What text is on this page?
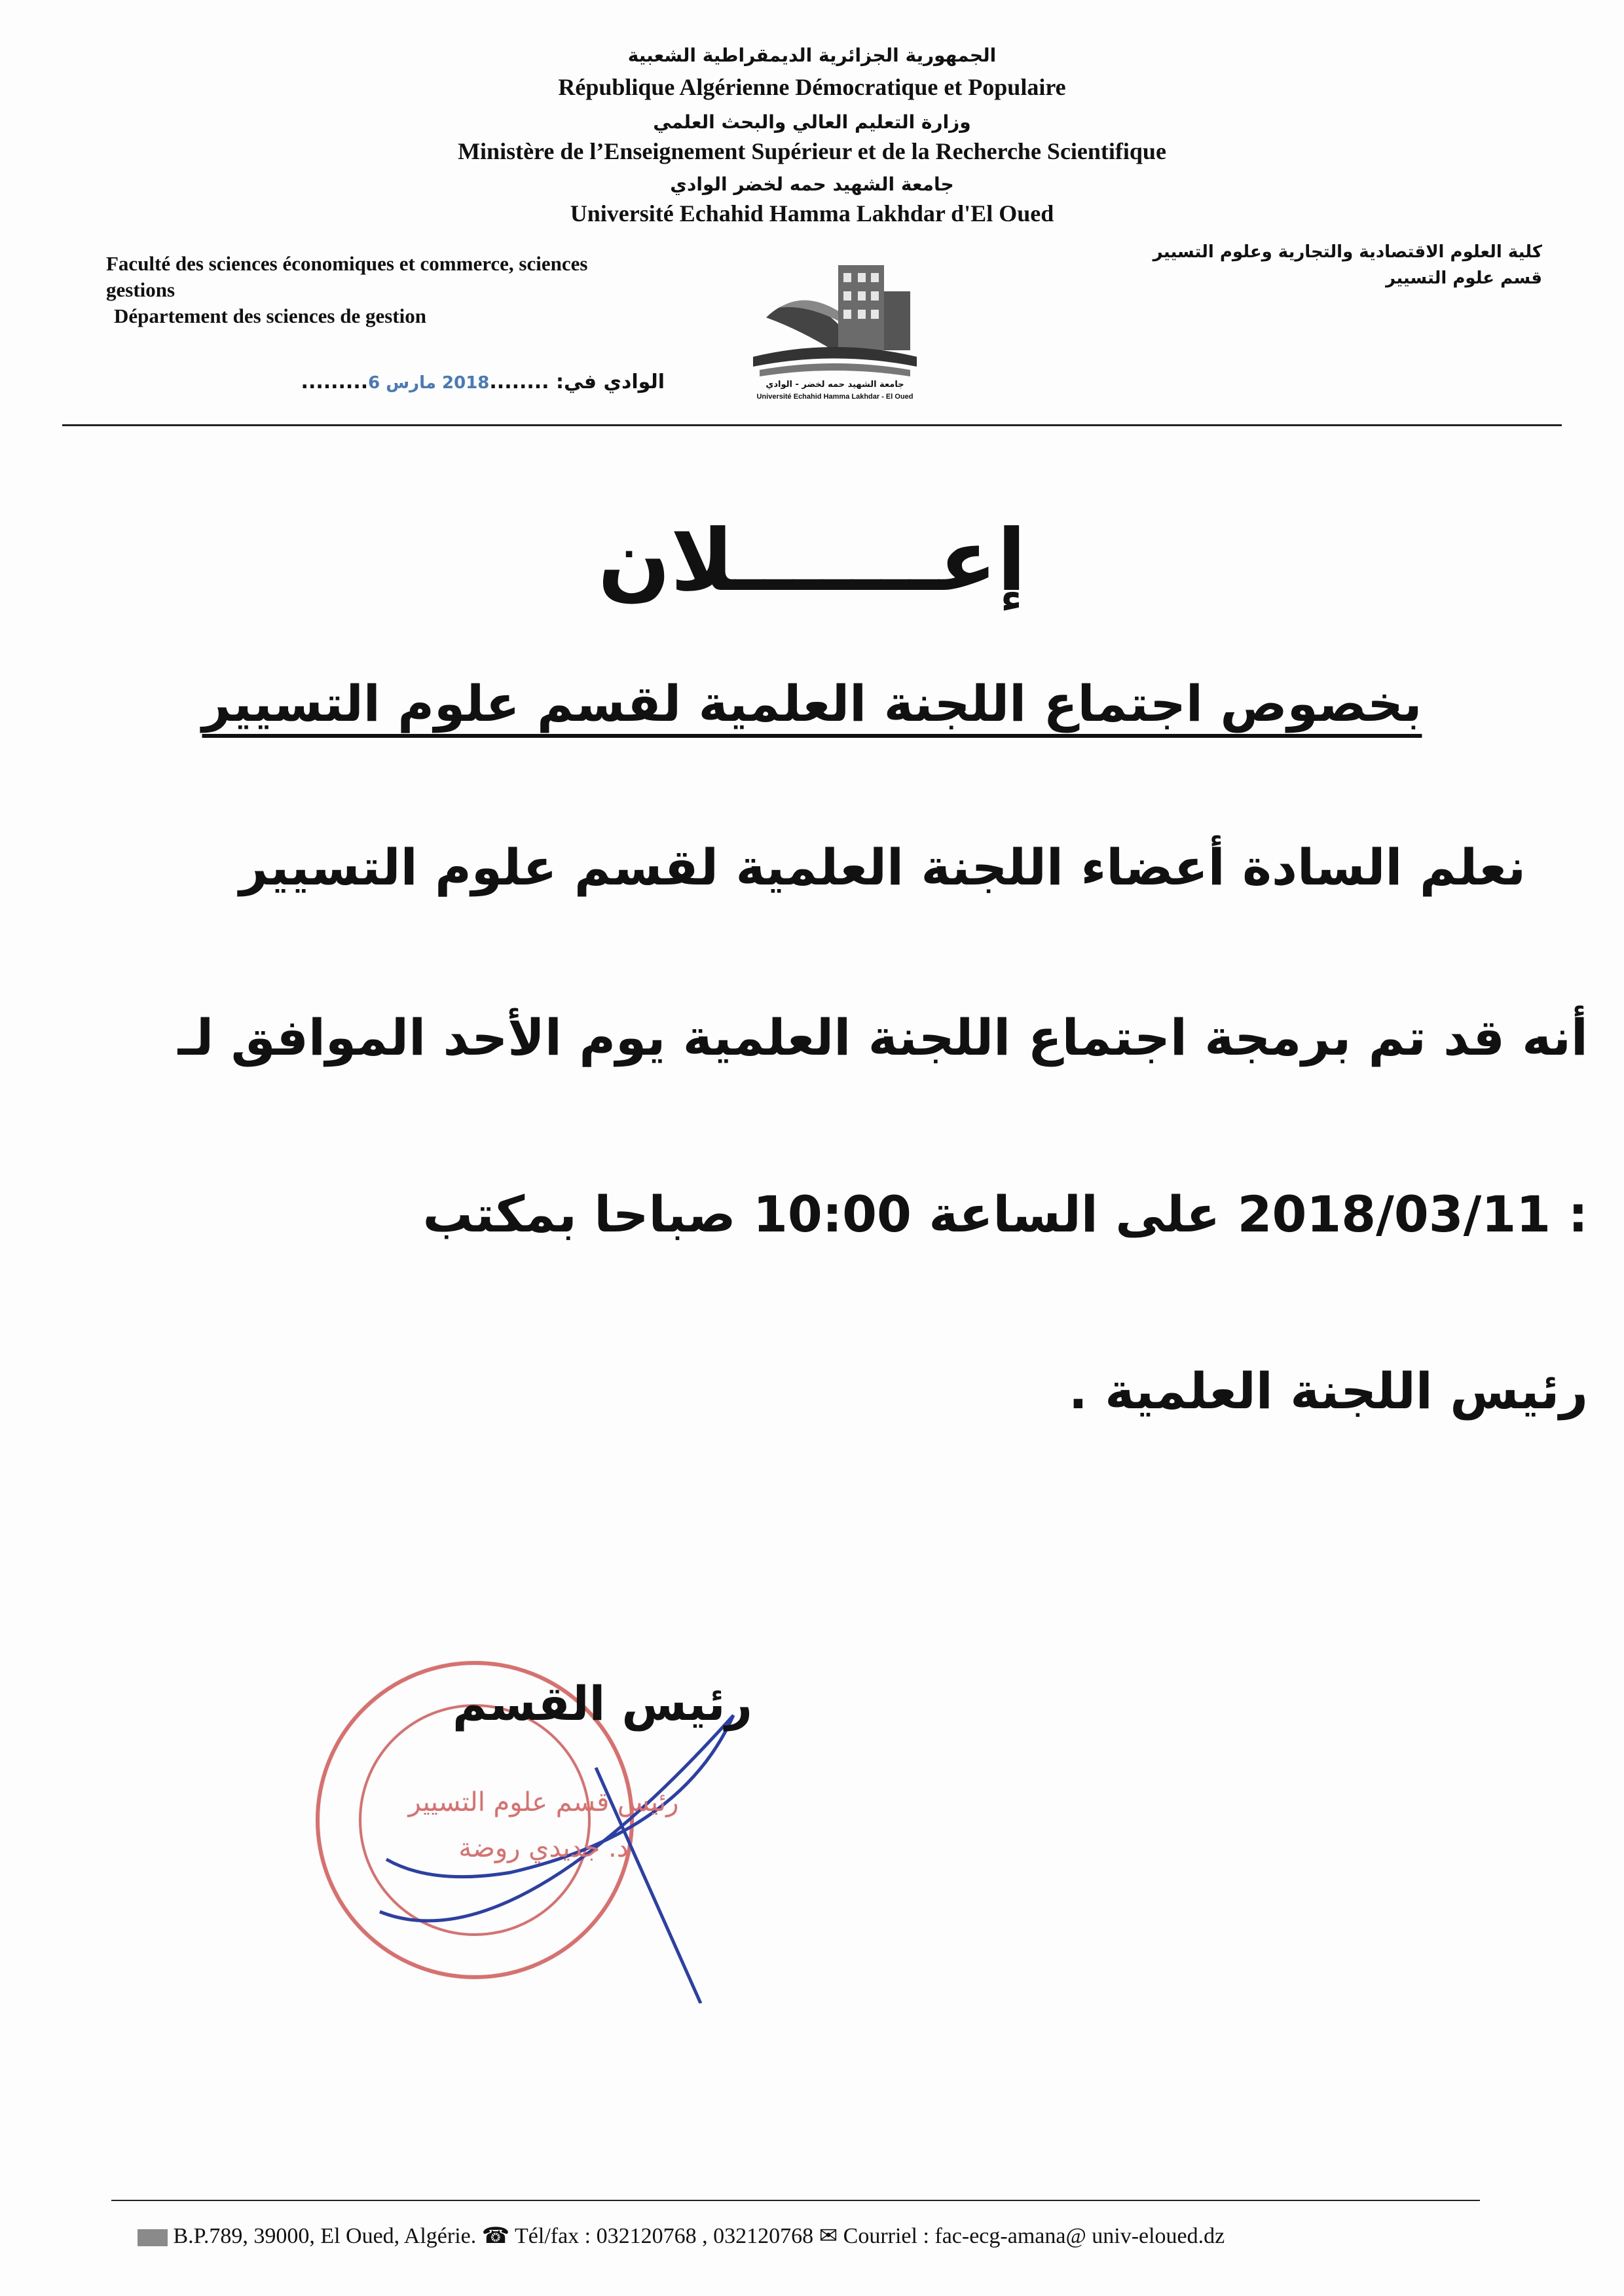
الجمهورية الجزائرية الديمقراطية الشعبية
République Algérienne Démocratique et Populaire
وزارة التعليم العالي والبحث العلمي
Ministère de l’Enseignement Supérieur et de la Recherche Scientifique
جامعة الشهيد حمه لخضر الوادي
Université Echahid Hamma Lakhdar d'El Oued
Faculté des sciences économiques et commerce, sciences
gestions
Département des sciences de gestion
كلية العلوم الاقتصادية والتجارية وعلوم التسيير
قسم علوم التسيير
جامعة الشهيد حمه لخضر - الوادي
Université Echahid Hamma Lakhdar - El Oued
الوادي في: ........2018 مارس 6.........
إعـــــــلان
بخصوص اجتماع اللجنة العلمية لقسم علوم التسيير
نعلم السادة أعضاء اللجنة العلمية لقسم علوم التسيير
أنه قد تم برمجة اجتماع اللجنة العلمية يوم الأحد الموافق لـ
: 2018/03/11 على الساعة 10:00 صباحا بمكتب
رئيس اللجنة العلمية .
رئيس القسم
رئيس قسم علوم التسيير
د. جديدي روضة
B.P.789, 39000, El Oued, Algérie. ☎ Tél/fax : 032120768 , 032120768 ✉ Courriel : fac-ecg-amana@ univ-eloued.dz
